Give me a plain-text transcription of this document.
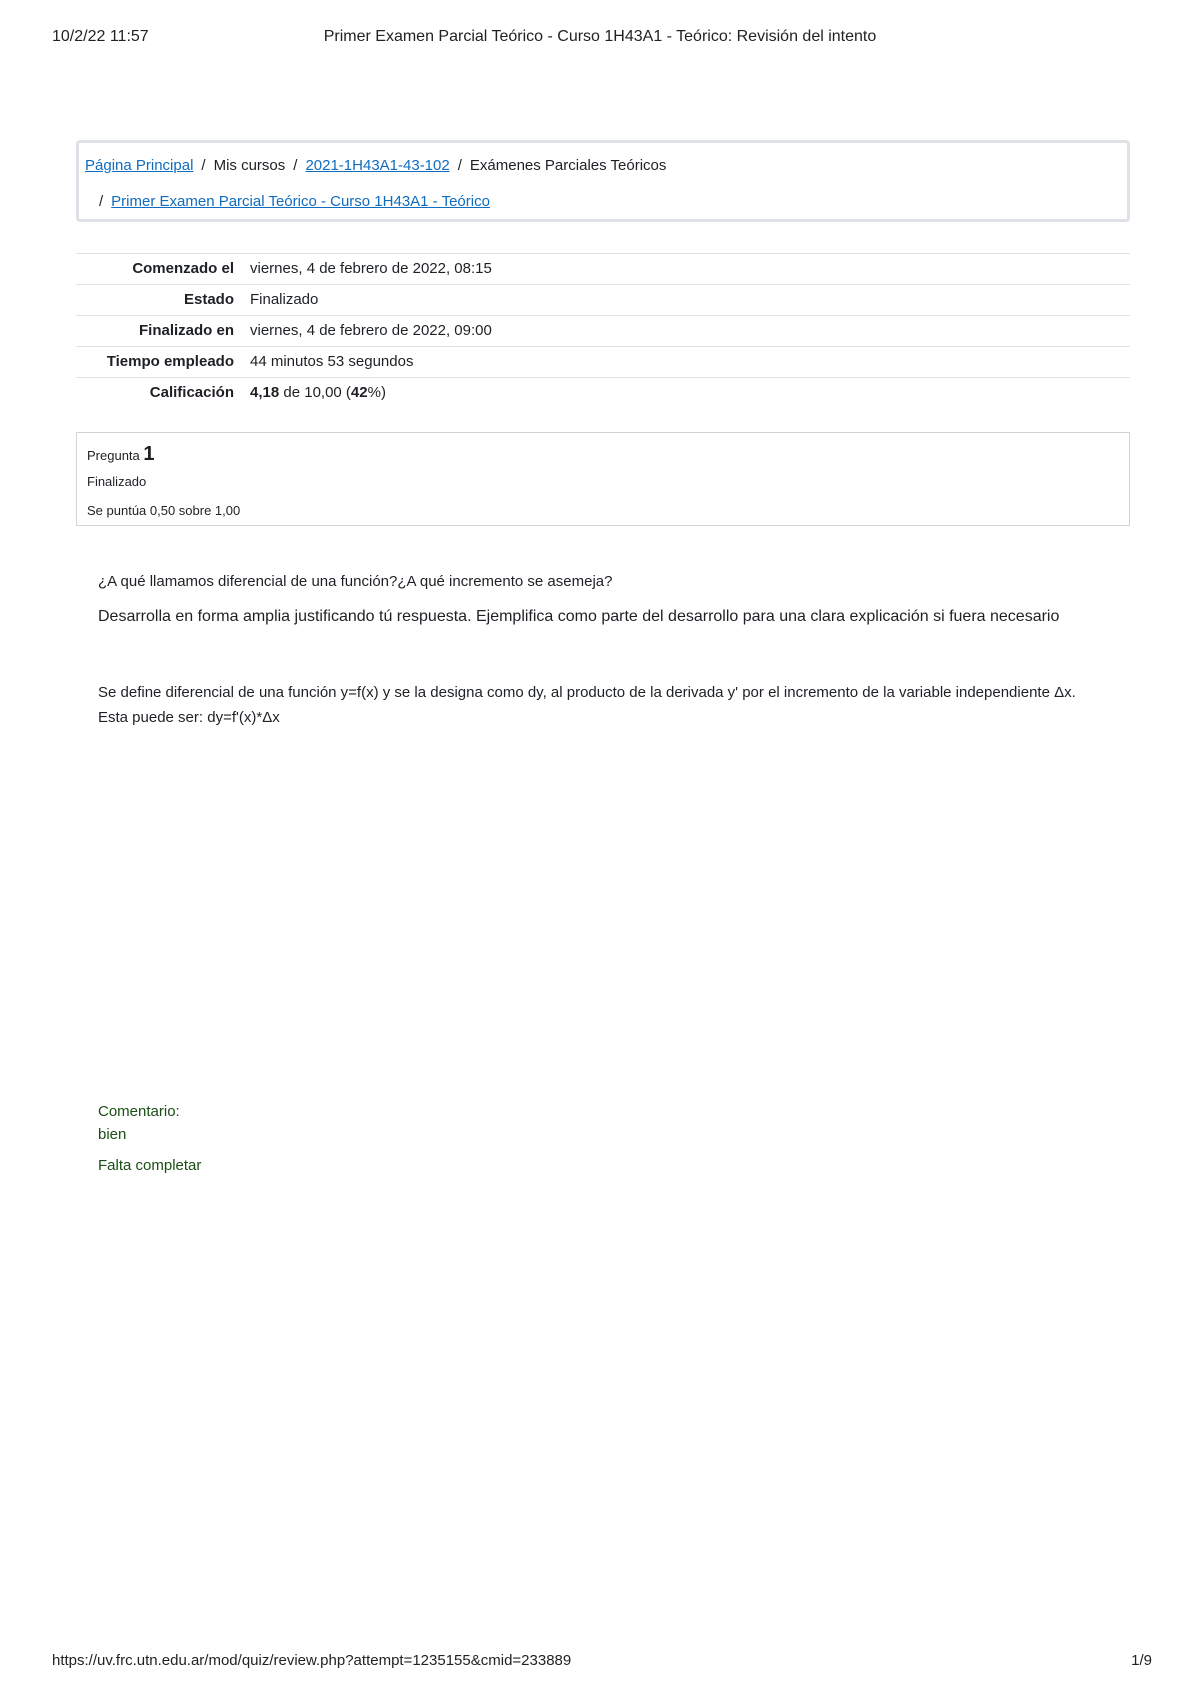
10/2/22 11:57	Primer Examen Parcial Teórico - Curso 1H43A1 - Teórico: Revisión del intento
Página Principal / Mis cursos / 2021-1H43A1-43-102 / Exámenes Parciales Teóricos
/ Primer Examen Parcial Teórico - Curso 1H43A1 - Teórico
Comenzado el	viernes, 4 de febrero de 2022, 08:15
Estado	Finalizado
Finalizado en	viernes, 4 de febrero de 2022, 09:00
Tiempo empleado	44 minutos 53 segundos
Calificación	4,18 de 10,00 (42%)
Pregunta 1
Finalizado
Se puntúa 0,50 sobre 1,00
¿A qué llamamos diferencial de una función?¿A qué incremento se asemeja?
Desarrolla en forma amplia justificando tú respuesta. Ejemplifica como parte del desarrollo para una clara explicación si fuera necesario
Se define diferencial de una función y=f(x) y se la designa como dy, al producto de la derivada y' por el incremento de la variable independiente Δx. Esta puede ser: dy=f'(x)*Δx
Comentario:
bien
Falta completar
https://uv.frc.utn.edu.ar/mod/quiz/review.php?attempt=1235155&cmid=233889	1/9
